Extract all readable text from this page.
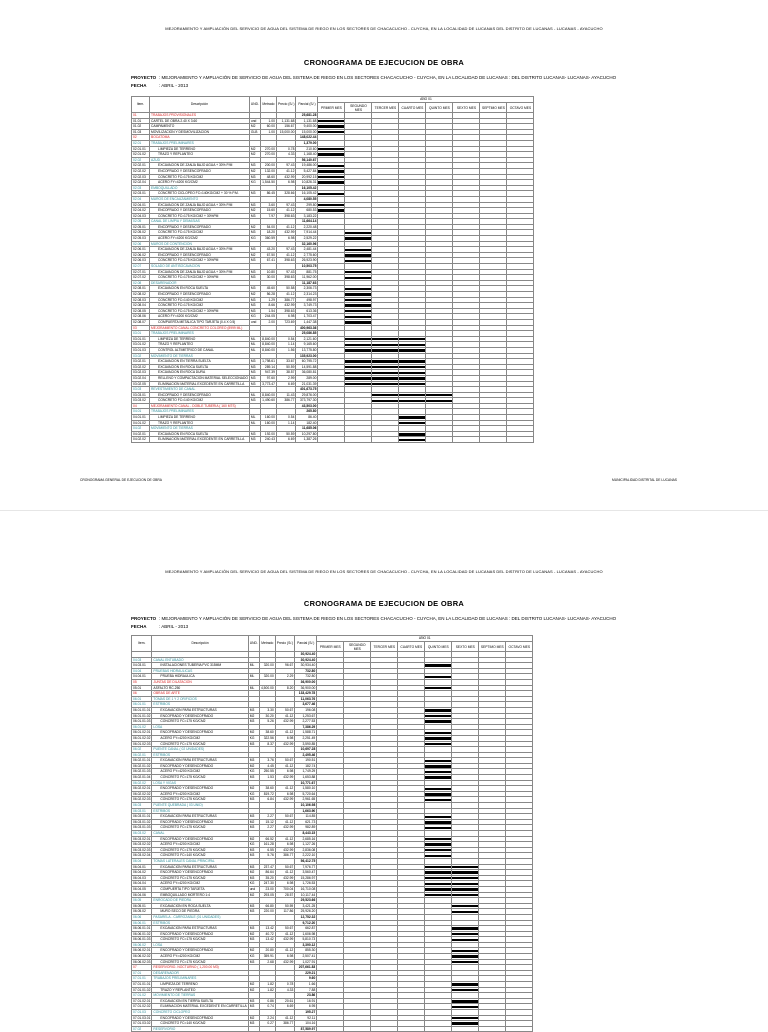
MEJORAMIENTO Y AMPLIACIÓN DEL SERVICIO DE AGUA DEL SISTEMA DE RIEGO EN LOS SECTORES DE CHACACUCHO - CUYCHA, EN LA LOCALIDAD DE LUCANAS DEL DISTRITO DE LUCANAS - LUCANAS - AYACUCHO
CRONOGRAMA DE EJECUCION DE OBRA
PROYECTO : MEJORAMIENTO Y AMPLIACIÓN DE SERVICIO DE AGUA DEL SISTEMA DE RIEGO EN LOS SECTORES CHACACUCHO - CUYCHA, EN LA LOCALIDAD DE LUCANAS : DEL DISTRITO LUCANAS- LUCANAS- AYACUCHO
FECHA	: ABRIL - 2013
Item.	Descripción	UND.	Metrado	Precio (S/.)	Parcial (S/.)	AÑO 01							
						PRIMER MES	SEGUNDO MES	TERCER MES	CUARTO MES	QUINTO MES	SEXTO MES	SEPTIMO MES	OCTAVO MES
01	TRABAJOS PROVISIONALES				25,681.28								
01.01	CARTEL DE OBRA 2.40 X 3.60	und	1.00	1,131.68	1,131.68	

01.02	CAMPAMENTO	M2	60.00	156.67	9,400.00	

01.03	MOVILIZACION Y DESMOVILIZACION	GLB	1.00	15,000.00	15,000.00	

02	BOCATOMA				148,022.44								
02.01	TRABAJOS PRELIMINARES				1,379.00								
02.01.01	LIMPIEZA DE TERRENO	M2	270.00	0.78	210.60	

02.01.02	TRAZO Y REPLANTEO	M2	270.00	4.33	1,168.40	

02.02	AZUD				56,140.67								
02.02.01	EXCAVACION DE ZANJA BAJO AGUA + 30% P/M	M3	200.00	97.43	19,486.00	

02.02.02	ENCOFRADO Y DESENCOFRADO	M2	132.00	41.12	5,427.84	

02.02.03	CONCRETO FC=175 KG/CM2	M3	48.60	432.99	20,992.15	

02.02.04	ACERO FY=4200 KG/CM2	KG	1,544.50	6.98	10,826.31	

02.03	EMBOQUILLADO				16,105.42								
02.03.01	CONCRETO CICLOPEO FC=140KG/CM2 + 30 % P.M.	M3	86.45	328.66	16,105.42	

02.04	MUROS DE ENCAUZAMIENTO				4,080.55								
02.04.01	EXCAVACION DE ZANJA BAJO AGUA + 30% P/M	M3	3.60	97.43	299.80	

02.04.02	ENCOFRADO Y DESENCOFRADO	M2	15.60	41.12	680.53	

02.04.03	CONCRETO FC=175 KG/CM2 + 30%PM	M3	7.97	398.63	3,183.22								
02.05	CANAL DE LIMPIA Y DEMASIAS				11,664.14								
02.05.01	ENCOFRADO Y DESENCOFRADO	M2	54.00	41.12	2,220.48								
02.05.02	CONCRETO FC=175 KG/CM2	M3	18.20	432.99	7,914.44		

02.05.03	ACERO FY=4200 KG/CM2	KG	360.59	6.98	2,529.22		

02.06	MUROS DE CONTENCION				32,160.96								
02.06.01	EXCAVACION DE ZANJA BAJO AGUA + 30% P/M	M3	43.20	97.43	2,481.44		

02.06.02	ENCOFRADO Y DESENCOFRADO	M2	67.50	41.12	2,775.60		

02.06.03	CONCRETO FC=175 KG/CM2 + 30%PM	M3	67.41	398.63	26,923.90		

02.07	SOLADO DE ANTISOCAVACION				10,503.75								
02.07.01	EXCAVACION DE ZANJA BAJO AGUA + 30% P/M	M3	10.80	97.43	881.75		

02.07.02	CONCRETO FC=175 KG/CM2 + 30%PM	M3	30.00	398.63	11,962.00		

02.08	DESARENADOR				11,187.63								
02.08.01	EXCAVACION EN ROCA SUELTA	M3	45.60	50.58	2,306.73		

02.08.02	ENCOFRADO Y DESENCOFRADO	M2	56.28	41.12	2,314.23		

02.08.03	CONCRETO FC=140 KG/CM2	M3	1.29	386.77	498.97		

02.08.04	CONCRETO FC=175 KG/CM2	M3	8.66	432.99	3,749.73		

02.08.05	CONCRETO FC=175 KG/CM2 + 30%PM	M3	1.54	398.63	613.36		

02.08.06	ACERO FY=4200 KG/CM2	KG	244.05	6.98	1,703.47		

02.08.07	COMPUERTA METALICA TIPO TARJETA (0.4 X 0.5)	und	2.00	723.69	1,447.38		

03	MEJORAMIENTO CANAL CONCRETO COLOREO (8999 ML)				400,963.36								
03.01	TRABAJOS PRELIMINARES				25,086.85								
03.01.01	LIMPIEZA DE TERRENO	ML	8,840.00	0.54	2,121.60		

03.01.02	TRAZO Y REPLANTEO	ML	8,840.00	1.14	9,165.60		

03.01.03	CONTROL ALTIMETRICO DE CANAL	ML	8,840.00	1.56	13,775.80		

03.02	MOVIMIENTO DE TIERRAS				135,923.00								
03.02.01	EXCAVACION EN TIERRA SUELTA	M3	1,798.61	33.67	60,795.72		

03.02.02	EXCAVACION EN ROCA SUELTA	M3	289.14	50.59	14,591.88		

03.02.03	EXCAVACION EN ROCA DURA	M3	947.39	38.57	36,080.81		

03.02.04	RELLENO Y COMPACTACION MATERIAL SELECCIONADO	M3	97.60	2.99	289.00		

03.02.05	ELIMINACION MATERIAL EXCEDENTE EN CARRETILLA	M3	3,773.47	6.69	21,031.39		

03.03	REVESTIMIENTO DE CANAL				401,673.75								
03.03.01	ENCOFRADO Y DESENCOFRADO	ML	8,840.00	11.43	29,876.00			

03.03.02	CONCRETO FC=140 KG/CM2	M3	1,490.60	386.77	373,797.30			

04	MEJORAMIENTO CANAL - DOBLE TUBERIA ( 160 MTS)				43,503.00								
04.01	TRABAJOS PRELIMINARES				265.80								
04.01.01	LIMPIEZA DE TERRENO	ML	160.00	0.54	86.40				

04.01.02	TRAZO Y REPLANTEO	ML	160.00	1.14	182.40				

04.02	MOVIMIENTO DE TIERRAS				11,685.06								
04.02.01	EXCAVACION EN ROCA SUELTA	M3	192.00	50.59	10,297.80				

04.02.02	ELIMINACION MATERIAL EXCEDENTE EN CARRETILLA	M3	240.43	6.69	1,387.26				

CRONOGRAMA GENERAL DE EJECUCION DE OBRA	MUNICIPALIDAD DISTRITAL DE LUCANAS
MEJORAMIENTO Y AMPLIACIÓN DEL SERVICIO DE AGUA DEL SISTEMA DE RIEGO EN LOS SECTORES DE CHACACUCHO - CUYCHA, EN LA LOCALIDAD DE LUCANAS DEL DISTRITO DE LUCANAS - LUCANAS - AYACUCHO
CRONOGRAMA DE EJECUCION DE OBRA
PROYECTO : MEJORAMIENTO Y AMPLIACIÓN DE SERVICIO DE AGUA DEL SISTEMA DE RIEGO EN LOS SECTORES CHACACUCHO - CUYCHA, EN LA LOCALIDAD DE LUCANAS : DEL DISTRITO LUCANAS- LUCANAS- AYACUCHO
FECHA	: ABRIL - 2013
Item.	Descripción	UND.	Metrado	Precio (S/.)	Parcial (S/.)	AÑO 01							
						PRIMER MES	SEGUNDO MES	TERCER MES	CUARTO MES	QUINTO MES	SEXTO MES	SEPTIMO MES	OCTAVO MES
					30,924.40								
04.03	CANAL ENTUBADO				30,924.40								
04.03.01	INSTALACIONES TUBERIA PVC 315MM	ML	320.00	96.67	30,934.40					

04.04	PRUEBAS HIDRAULICAS				732.80								
04.04.01	PRUEBA HIDRAULICA	ML	320.00	2.29	732.80					

05	JUNTAS DE DILATACION				36,900.00								
05.01	ASFALTO RC-250	ML	4,500.00	8.20	36,900.00					

06	OBRAS DE ARTE				133,429.78								
06.01	TOMAS DE 1 Y 2 ORIFICIOS				11,063.76								
06.01.01	ESTRIBOS				3,677.46								
06.01.01.01	EXCAVACION PARA ESTRUCTURAS	M3	3.30	50.67	196.08					

06.01.01.02	ENCOFRADO Y DESENCOFRADO	M2	30.20	41.12	1,253.67					

06.01.01.03	CONCRETO FC=175 KG/CM2	M3	5.26	432.99	2,277.53					

06.01.02	LOSA				7,386.29								
06.01.02.01	ENCOFRADO Y DESENCOFRADO	M2	38.60	41.12	1,588.71					

06.01.02.02	ACERO FY=4200 KG/CM2	KG	322.56	6.98	2,251.49					

06.01.02.03	CONCRETO FC=175 KG/CM2	M3	8.37	432.99	3,590.85					

06.02	PUENTE CANAL ( 02 UNIDADES)				10,697.28								
06.02.01	ESTRIBOS				2,495.46								
06.02.01.01	EXCAVACION PARA ESTRUCTURAS	M3	3.76	50.67	190.51					

06.02.01.02	ENCOFRADO Y DESENCOFRADO	M2	4.45	41.12	182.74					

06.02.01.03	ACERO FY=4200 KG/CM2	KG	250.55	6.98	1,749.29					

06.02.01.04	CONCRETO FC=175 KG/CM2	M3	1.53	432.99	1,653.88					

06.02.02	LOSA Y VIGAS				10,771.67								
06.02.02.01	ENCOFRADO Y DESENCOFRADO	M2	38.60	41.12	1,580.10					

06.02.02.02	ACERO FY=4200 KG/CM2	KG	819.72	6.98	5,720.64					

06.02.02.03	CONCRETO FC=175 KG/CM2	M3	6.84	432.99	2,961.65					

06.03	PUENTE QUEBRADA ( 03 UNID)				10,106.98								
06.03.01	ESTRIBOS				1,663.90								
06.03.01.01	EXCAVACION PARA ESTRUCTURAS	M3	2.27	50.67	114.85					

06.03.01.02	ENCOFRADO Y DESENCOFRADO	M2	15.12	41.12	621.73					

06.03.01.03	CONCRETO FC=175 KG/CM2	M3	2.27	432.99	982.89					

06.03.02	CANAL				8,443.15								
06.03.02.01	ENCOFRADO Y DESENCOFRADO	M2	66.52	41.12	2,685.16					

06.03.02.02	ACERO FY=4200 KG/CM2	KG	161.28	6.98	1,127.26					

06.03.02.03	CONCRETO FC=175 KG/CM2	M3	6.55	432.99	2,836.08					

06.03.02.04	CONCRETO FC=140 KG/CM2	M3	5.76	386.77	2,222.10					

06.04	TOMAS LATERALES CANAL PRINCIPAL				56,412.75								
06.04.01	EXCAVACION PARA ESTRUCTURAS	M3	237.47	50.67	7,976.77					

06.04.02	ENCOFRADO Y DESENCOFRADO	M2	86.64	41.12	3,560.47					

06.04.03	CONCRETO FC=175 KG/CM2	M3	35.20	432.99	15,286.97					

06.04.04	ACERO FY=4200 KG/CM2	KG	247.30	6.98	1,726.53					

06.04.05	COMPUERTA TIPO TARJETA	und	23.00	700.04	16,710.08					

06.04.06	EMBOQUILLADO MORTERO 1:4	M2	293.05	28.57	10,117.44					

06.05	ENROCADO DE PIEDRA				29,523.66								
06.05.01	EXCAVACION EN ROCA SUELTA	M3	66.80	50.59	3,421.25						

06.05.02	MURO SECO DE PIEDRA	M3	220.00	117.86	25,926.20						

06.06	PASARELA - CARROZABLE (01 UNIDADES)				12,752.32								
06.06.01	ESTRIBOS				9,712.20								
06.06.01.01	EXCAVACION PARA ESTRUCTURAS	M3	13.42	50.67	662.87						

06.06.01.02	ENCOFRADO Y DESENCOFRADO	M2	40.72	41.12	1,606.98						

06.06.01.03	CONCRETO FC=175 KG/CM2	M3	13.42	432.99	5,810.73						

06.06.02	LOSA				3,390.12								
06.06.02.01	ENCOFRADO Y DESENCOFRADO	M2	20.80	41.12	855.30						

06.06.02.02	ACERO FY=4200 KG/CM2	KG	359.91	6.98	2,507.41						

06.06.02.03	CONCRETO FC=175 KG/CM2	M3	2.68	432.99	1,027.91						

07	RESERVORIO- NOCTURNO ( 1,200.00 M3)				207,661.83								
07.01	DESARENADOR				229.21								
07.01.01	TRABAJOS PRELIMINARES				9.60								
07.01.01.01	LIMPIEZA DE TERRENO	M2	1.82	0.78	1.66						

07.01.01.02	TRAZO Y REPLANTEO	M2	1.82	4.33	7.88						

07.01.02	MOVIMIENTO DE TIERRAS				23.86								
07.01.02.01	EXCAVACION EN TIERRA SUELTA	M3	0.86	20.61	16.91						

07.01.02.02	ELIMINACION MATERIAL EXCEDENTE EN CARRETILLA	M3	0.74	6.69	6.95						

07.01.03	CONCRETO CICLOPEO				195.27								
07.01.03.01	ENCOFRADO Y DESENCOFRADO	M2	2.24	41.12	92.11						

07.01.03.02	CONCRETO FC=140 KG/CM2	M3	0.27	386.77	104.16						

07.02	RESERVORIO				87,589.97								
